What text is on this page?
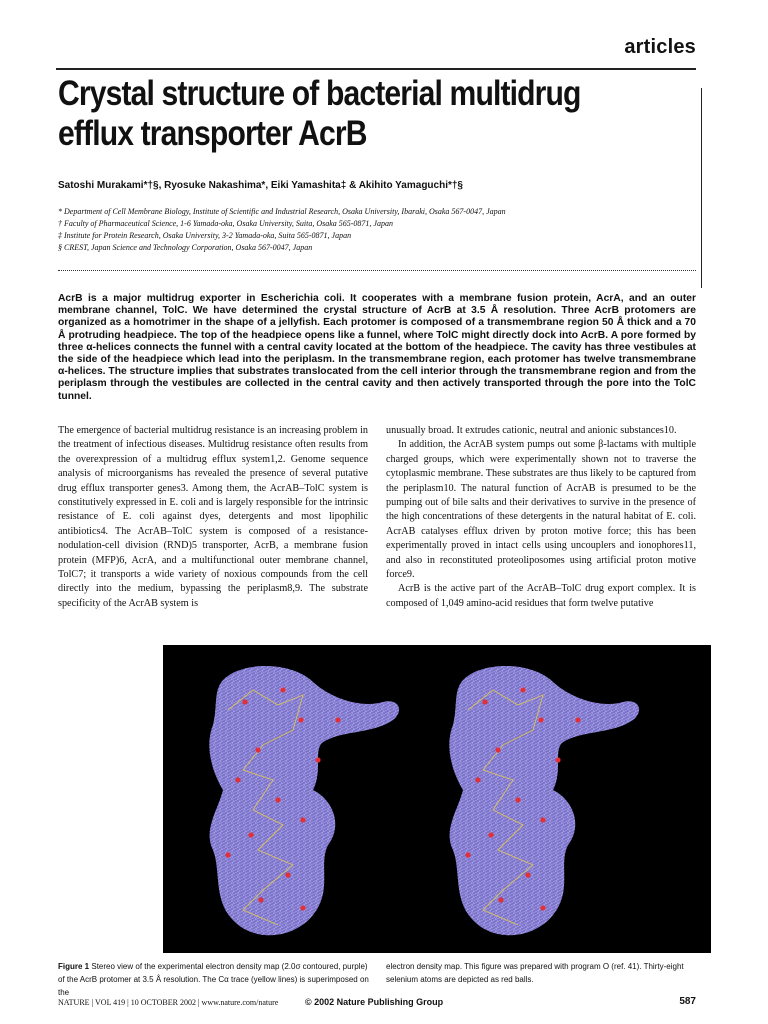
articles
Crystal structure of bacterial multidrug
efflux transporter AcrB
Satoshi Murakami*†§, Ryosuke Nakashima*, Eiki Yamashita‡ & Akihito Yamaguchi*†§
* Department of Cell Membrane Biology, Institute of Scientific and Industrial Research, Osaka University, Ibaraki, Osaka 567-0047, Japan
† Faculty of Pharmaceutical Science, 1-6 Yamada-oka, Osaka University, Suita, Osaka 565-0871, Japan
‡ Institute for Protein Research, Osaka University, 3-2 Yamada-oka, Suita 565-0871, Japan
§ CREST, Japan Science and Technology Corporation, Osaka 567-0047, Japan
AcrB is a major multidrug exporter in Escherichia coli. It cooperates with a membrane fusion protein, AcrA, and an outer membrane channel, TolC. We have determined the crystal structure of AcrB at 3.5 Å resolution. Three AcrB protomers are organized as a homotrimer in the shape of a jellyfish. Each protomer is composed of a transmembrane region 50 Å thick and a 70 Å protruding headpiece. The top of the headpiece opens like a funnel, where TolC might directly dock into AcrB. A pore formed by three α-helices connects the funnel with a central cavity located at the bottom of the headpiece. The cavity has three vestibules at the side of the headpiece which lead into the periplasm. In the transmembrane region, each protomer has twelve transmembrane α-helices. The structure implies that substrates translocated from the cell interior through the transmembrane region and from the periplasm through the vestibules are collected in the central cavity and then actively transported through the pore into the TolC tunnel.

The emergence of bacterial multidrug resistance is an increasing problem in the treatment of infectious diseases. Multidrug resistance often results from the overexpression of a multidrug efflux system1,2. Genome sequence analysis of microorganisms has revealed the presence of several putative drug efflux transporter genes3. Among them, the AcrAB–TolC system is constitutively expressed in E. coli and is largely responsible for the intrinsic resistance of E. coli against dyes, detergents and most lipophilic antibiotics4. The AcrAB–TolC system is composed of a resistance-nodulation-cell division (RND)5 transporter, AcrB, a membrane fusion protein (MFP)6, AcrA, and a multifunctional outer membrane channel, TolC7; it transports a wide variety of noxious compounds from the cell directly into the medium, bypassing the periplasm8,9. The substrate specificity of the AcrAB system is

unusually broad. It extrudes cationic, neutral and anionic substances10.

In addition, the AcrAB system pumps out some β-lactams with multiple charged groups, which were experimentally shown not to traverse the cytoplasmic membrane. These substrates are thus likely to be captured from the periplasm10. The natural function of AcrAB is presumed to be the pumping out of bile salts and their derivatives to survive in the presence of the high concentrations of these detergents in the natural habitat of E. coli. AcrAB catalyses efflux driven by proton motive force; this has been experimentally proved in intact cells using uncouplers and ionophores11, and also in reconstituted proteoliposomes using artificial proton motive force9.

AcrB is the active part of the AcrAB–TolC drug export complex. It is composed of 1,049 amino-acid residues that form twelve putative

Figure 1 Stereo view of the experimental electron density map (2.0σ contoured, purple) of the AcrB protomer at 3.5 Å resolution. The Cα trace (yellow lines) is superimposed on the
electron density map. This figure was prepared with program O (ref. 41). Thirty-eight selenium atoms are depicted as red balls.
NATURE | VOL 419 | 10 OCTOBER 2002 | www.nature.com/nature	© 2002 Nature Publishing Group	587
